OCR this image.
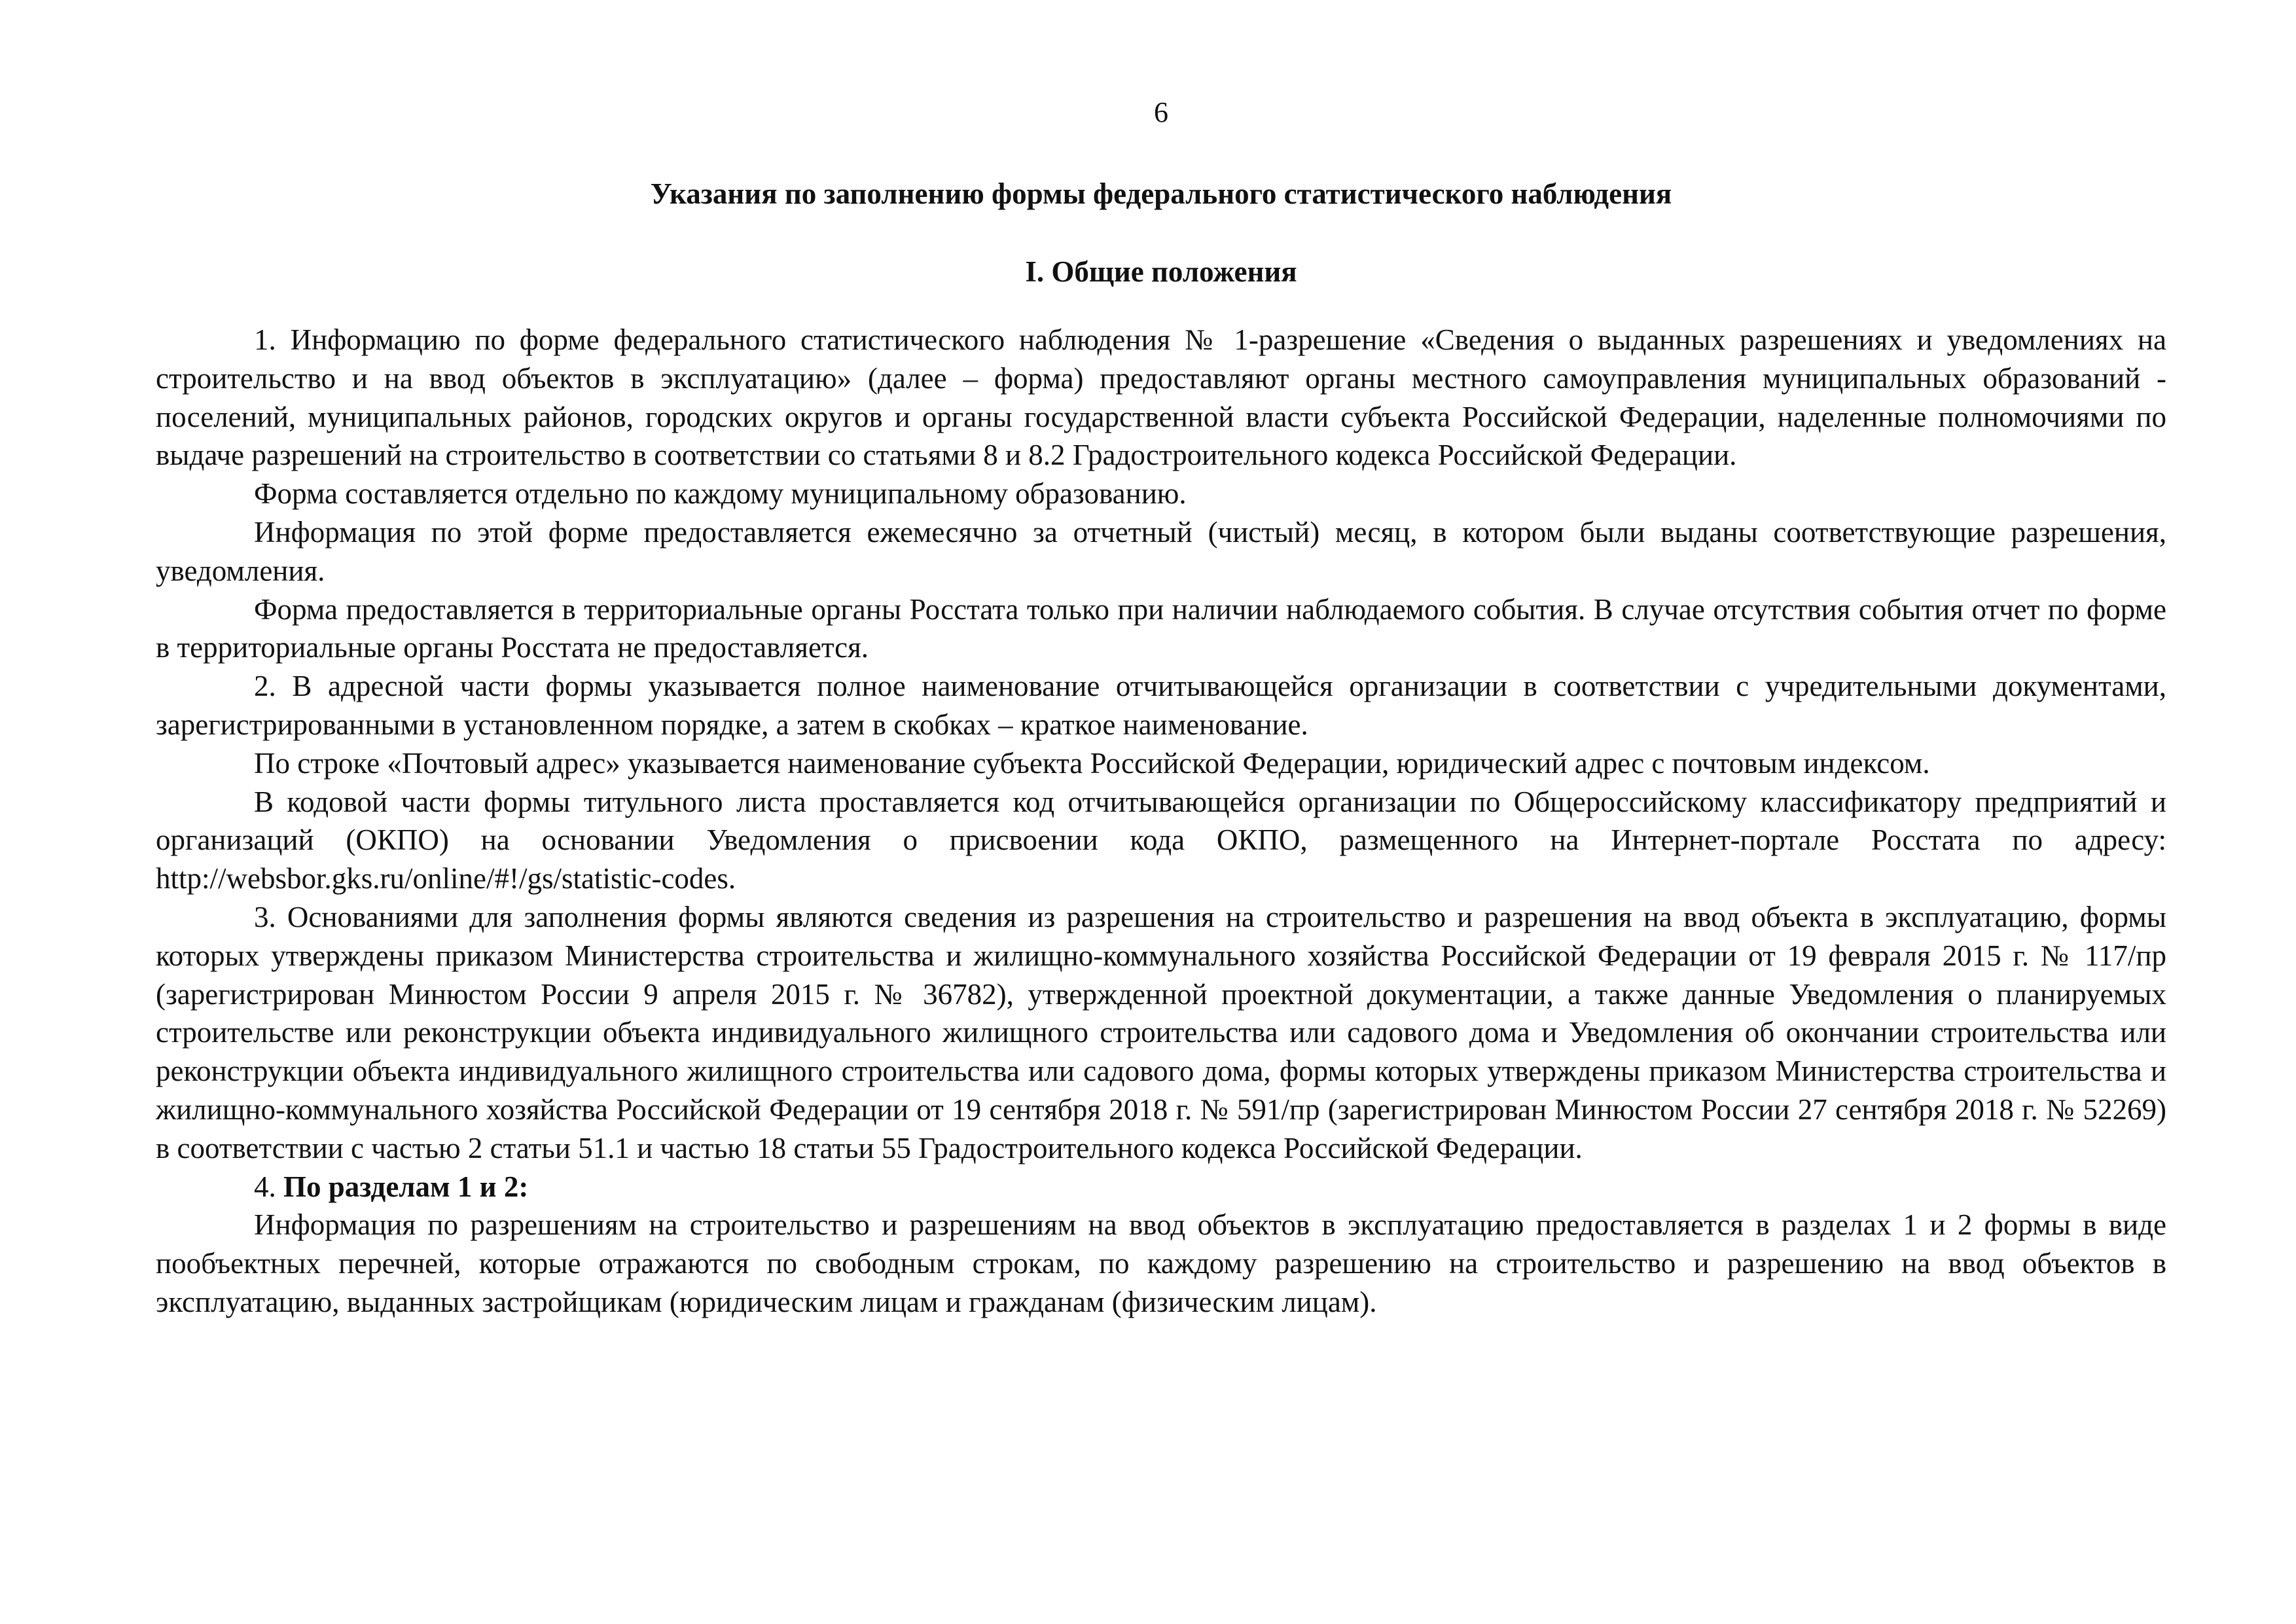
6
Указания по заполнению формы федерального статистического наблюдения
I. Общие положения

1. Информацию по форме федерального статистического наблюдения № 1-разрешение «Сведения о выданных разрешениях и уведомлениях на строительство и на ввод объектов в эксплуатацию» (далее – форма) предоставляют органы местного самоуправления муниципальных образований - поселений, муниципальных районов, городских округов и органы государственной власти субъекта Российской Федерации, наделенные полномочиями по выдаче разрешений на строительство в соответствии со статьями 8 и 8.2 Градостроительного кодекса Российской Федерации.

Форма составляется отдельно по каждому муниципальному образованию.

Информация по этой форме предоставляется ежемесячно за отчетный (чистый) месяц, в котором были выданы соответствующие разрешения, уведомления.

Форма предоставляется в территориальные органы Росстата только при наличии наблюдаемого события. В случае отсутствия события отчет по форме в территориальные органы Росстата не предоставляется.

2. В адресной части формы указывается полное наименование отчитывающейся организации в соответствии с учредительными документами, зарегистрированными в установленном порядке, а затем в скобках – краткое наименование.

По строке «Почтовый адрес» указывается наименование субъекта Российской Федерации, юридический адрес с почтовым индексом.

В кодовой части формы титульного листа проставляется код отчитывающейся организации по Общероссийскому классификатору предприятий и организаций (ОКПО) на основании Уведомления о присвоении кода ОКПО, размещенного на Интернет-портале Росстата по адресу: http://websbor.gks.ru/online/#!/gs/statistic-codes.

3. Основаниями для заполнения формы являются сведения из разрешения на строительство и разрешения на ввод объекта в эксплуатацию, формы которых утверждены приказом Министерства строительства и жилищно-коммунального хозяйства Российской Федерации от 19 февраля 2015 г. № 117/пр (зарегистрирован Минюстом России 9 апреля 2015 г. № 36782), утвержденной проектной документации, а также данные Уведомления о планируемых строительстве или реконструкции объекта индивидуального жилищного строительства или садового дома и Уведомления об окончании строительства или реконструкции объекта индивидуального жилищного строительства или садового дома, формы которых утверждены приказом Министерства строительства и жилищно-коммунального хозяйства Российской Федерации от 19 сентября 2018 г. № 591/пр (зарегистрирован Минюстом России 27 сентября 2018 г. № 52269) в соответствии с частью 2 статьи 51.1 и частью 18 статьи 55 Градостроительного кодекса Российской Федерации.

4. По разделам 1 и 2:

Информация по разрешениям на строительство и разрешениям на ввод объектов в эксплуатацию предоставляется в разделах 1 и 2 формы в виде пообъектных перечней, которые отражаются по свободным строкам, по каждому разрешению на строительство и разрешению на ввод объектов в эксплуатацию, выданных застройщикам (юридическим лицам и гражданам (физическим лицам).
